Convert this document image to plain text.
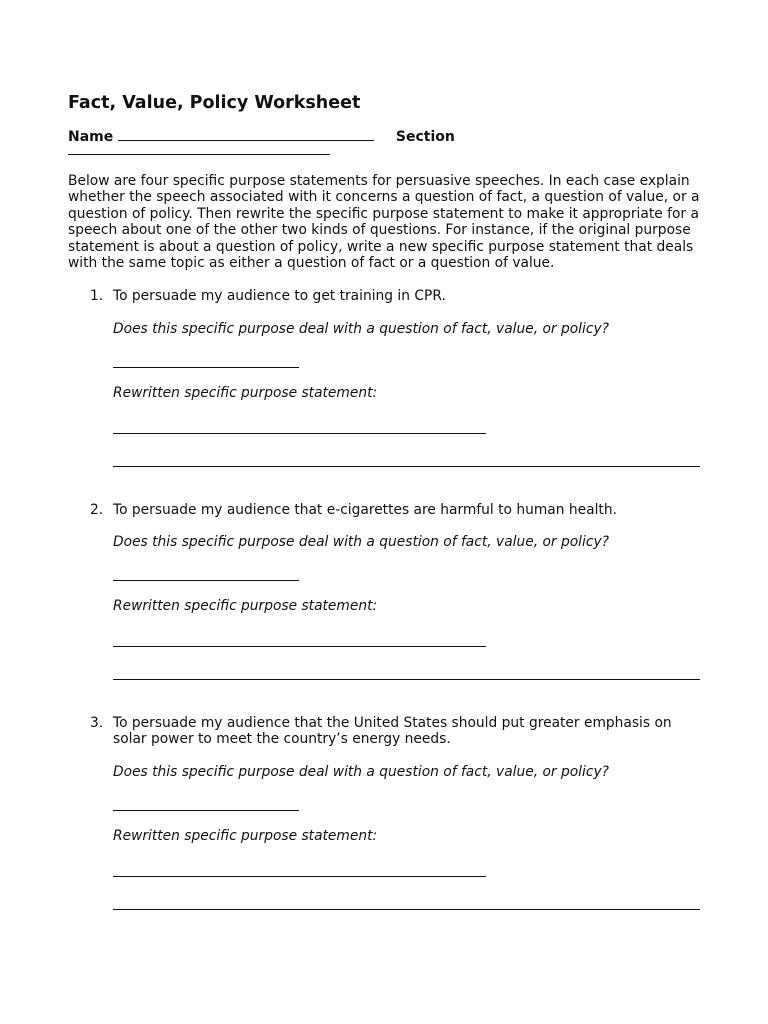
Fact, Value, Policy Worksheet
Name	Section
Below are four specific purpose statements for persuasive speeches. In each case explain whether the speech associated with it concerns a question of fact, a question of value, or a question of policy. Then rewrite the specific purpose statement to make it appropriate for a speech about one of the other two kinds of questions. For instance, if the original purpose statement is about a question of policy, write a new specific purpose statement that deals with the same topic as either a question of fact or a question of value.
1. To persuade my audience to get training in CPR.
Does this specific purpose deal with a question of fact, value, or policy?
Rewritten specific purpose statement:
2. To persuade my audience that e-cigarettes are harmful to human health.
Does this specific purpose deal with a question of fact, value, or policy?
Rewritten specific purpose statement:
3. To persuade my audience that the United States should put greater emphasis on solar power to meet the country’s energy needs.
Does this specific purpose deal with a question of fact, value, or policy?
Rewritten specific purpose statement:
